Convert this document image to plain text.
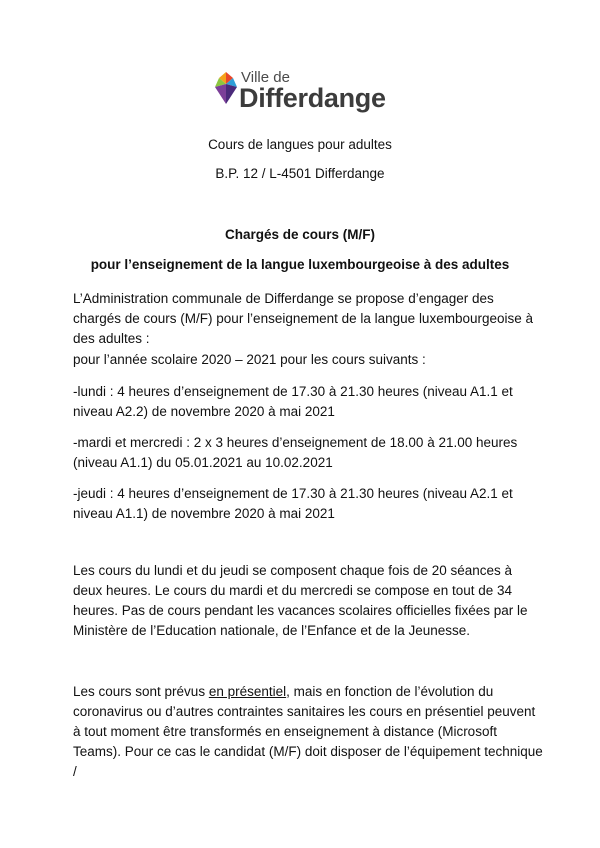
Ville de
Differdange
Cours de langues pour adultes
B.P. 12 / L-4501 Differdange
Chargés de cours (M/F)
pour l’enseignement de la langue luxembourgeoise à des adultes
L’Administration communale de Differdange se propose d’engager des chargés de cours (M/F) pour l’enseignement de la langue luxembourgeoise à des adultes :
pour l’année scolaire 2020 – 2021 pour les cours suivants :
-lundi : 4 heures d’enseignement de 17.30 à 21.30 heures (niveau A1.1 et niveau A2.2) de novembre 2020 à mai 2021
-mardi et mercredi : 2 x 3 heures d’enseignement de 18.00 à 21.00 heures (niveau A1.1) du 05.01.2021 au 10.02.2021
-jeudi : 4 heures d’enseignement de 17.30 à 21.30 heures (niveau A2.1 et niveau A1.1) de novembre 2020 à mai 2021
Les cours du lundi et du jeudi se composent chaque fois de 20 séances à deux heures. Le cours du mardi et du mercredi se compose en tout de 34 heures. Pas de cours pendant les vacances scolaires officielles fixées par le Ministère de l’Education nationale, de l’Enfance et de la Jeunesse.
Les cours sont prévus en présentiel, mais en fonction de l’évolution du coronavirus ou d’autres contraintes sanitaires les cours en présentiel peuvent à tout moment être transformés en enseignement à distance (Microsoft Teams). Pour ce cas le candidat (M/F) doit disposer de l’équipement technique /
